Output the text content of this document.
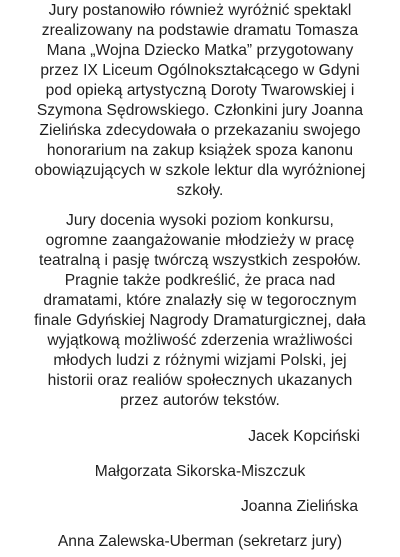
Jury postanowiło również wyróżnić spektakl
zrealizowany na podstawie dramatu Tomasza
Mana „Wojna Dziecko Matka” przygotowany
przez IX Liceum Ogólnokształcącego w Gdyni
pod opieką artystyczną Doroty Twarowskiej i
Szymona Sędrowskiego. Członkini jury Joanna
Zielińska zdecydowała o przekazaniu swojego
honorarium na zakup książek spoza kanonu
obowiązujących w szkole lektur dla wyróżnionej
szkoły.

Jury docenia wysoki poziom konkursu,
ogromne zaangażowanie młodzieży w pracę
teatralną i pasję twórczą wszystkich zespołów.
Pragnie także podkreślić, że praca nad
dramatami, które znalazły się w tegorocznym
finale Gdyńskiej Nagrody Dramaturgicznej, dała
wyjątkową możliwość zderzenia wrażliwości
młodych ludzi z różnymi wizjami Polski, jej
historii oraz realiów społecznych ukazanych
przez autorów tekstów.

Jacek Kopciński
Małgorzata Sikorska-Miszczuk
Joanna Zielińska
Anna Zalewska-Uberman (sekretarz jury)
